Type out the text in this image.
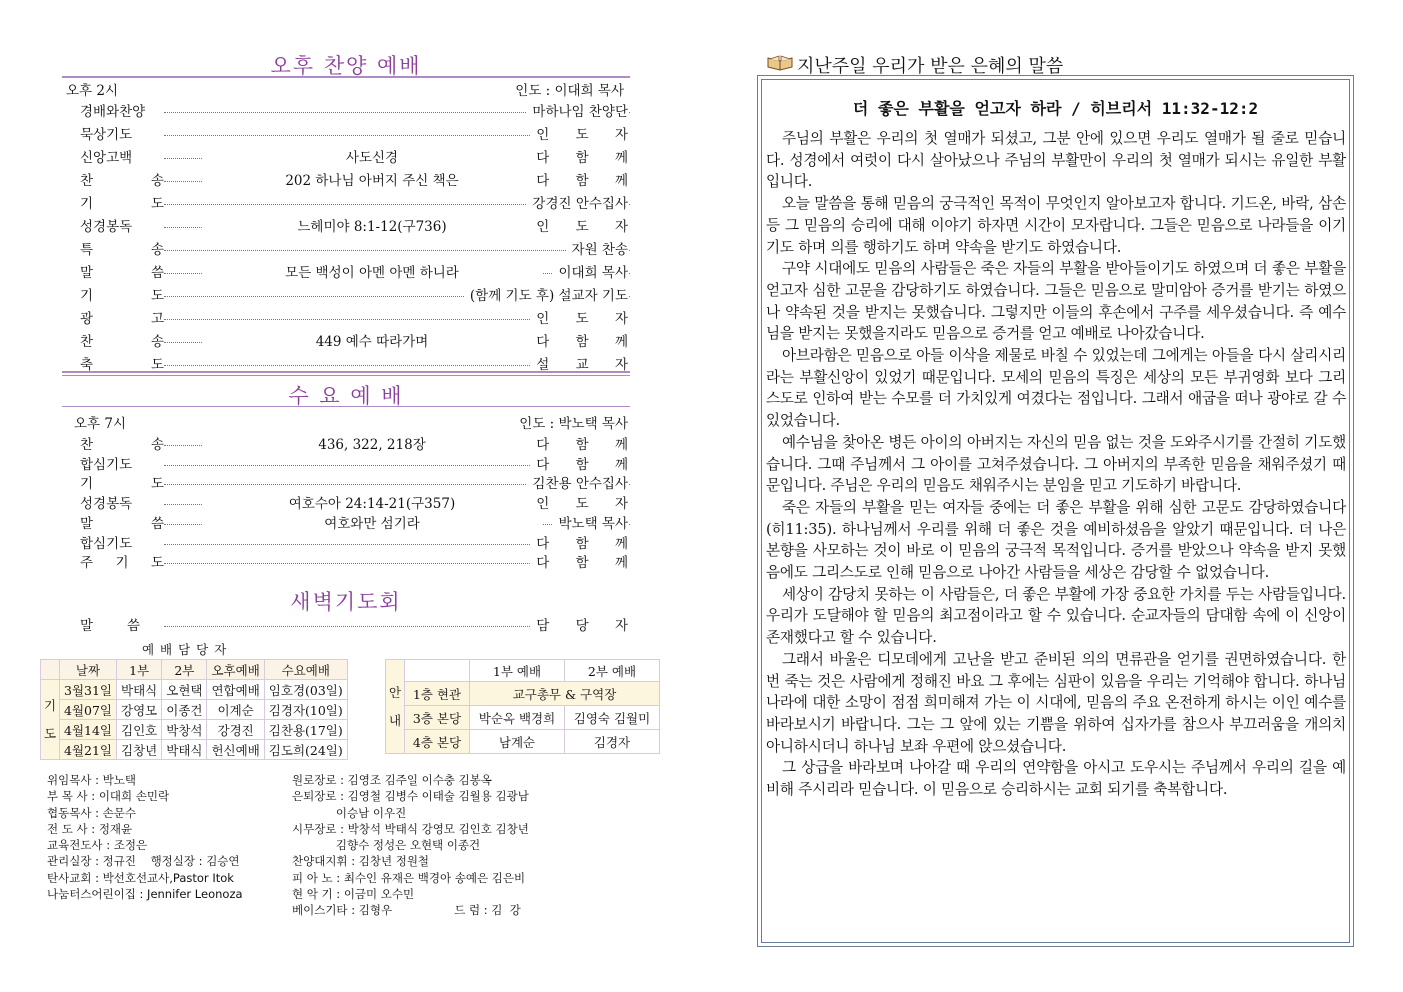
오후 찬양 예배
오후 2시	인도 : 이대희 목사
경배와찬양	마하나임 찬양단
묵상기도	인 도 자
신앙고백	사도신경	다 함 께
찬 송	202 하나님 아버지 주신 책은	다 함 께
기 도	강경진 안수집사
성경봉독	느헤미야 8:1-12(구736)	인 도 자
특 송	자원 찬송
말 씀	모든 백성이 아멘 아멘 하니라	이대희 목사
기 도	(함께 기도 후) 설교자 기도
광 고	인 도 자
찬 송	449 예수 따라가며	다 함 께
축 도	설 교 자
수 요 예 배
오후 7시	인도 : 박노택 목사
찬 송	436, 322, 218장	다 함 께
합심기도	다 함 께
기 도	김찬용 안수집사
성경봉독	여호수아 24:14-21(구357)	인 도 자
말 씀	여호와만 섬기라	박노택 목사
합심기도	다 함 께
주 기 도	다 함 께
새벽기도회
말 씀	담 당 자
예 배 담 당 자
	날짜	1부	2부	오후예배	수요예배
기도	3월31일	박태식	오현택	연합예배	임호경(03일)
	4월07일	강영모	이종건	이계순	김경자(10일)
	4월14일	김인호	박창석	강경진	김찬용(17일)
	4월21일	김창년	박태식	헌신예배	김도희(24일)
안내		1부 예배	2부 예배
	1층 현관	교구총무 & 구역장	
	3층 본당	박순옥 백경희	김영숙 김월미
	4층 본당	남계순	김경자
위임목사 : 박노택
부 목 사 : 이대희 손민락
협동목사 : 손문수
전 도 사 : 정재윤
교육전도사 : 조정은
관리실장 : 정규진    행정실장 : 김승연
탄사교회 : 박선호선교사,Pastor Itok
나눔터스어린이집 : Jennifer Leonoza
원로장로 : 김영조 김주일 이수충 김봉옥
은퇴장로 : 김영철 김병수 이태술 김월용 김광남
이승남 이우진
시무장로 : 박창석 박태식 강영모 김인호 김창년
김향수 정성은 오현택 이종건
찬양대지휘 : 김창년 정원철
피 아 노 : 최수인 유재은 백경아 송예은 김은비
현 악 기 : 이금미 오수민
베이스기타 : 김형우                 드 럼 : 김  강
지난주일 우리가 받은 은혜의 말씀
더 좋은 부활을 얻고자 하라 / 히브리서 11:32-12:2

주님의 부활은 우리의 첫 열매가 되셨고, 그분 안에 있으면 우리도 열매가 될 줄로 믿습니다. 성경에서 여럿이 다시 살아났으나 주님의 부활만이 우리의 첫 열매가 되시는 유일한 부활입니다.

오늘 말씀을 통해 믿음의 궁극적인 목적이 무엇인지 알아보고자 합니다. 기드온, 바락, 삼손 등 그 믿음의 승리에 대해 이야기 하자면 시간이 모자랍니다. 그들은 믿음으로 나라들을 이기기도 하며 의를 행하기도 하며 약속을 받기도 하였습니다.

구약 시대에도 믿음의 사람들은 죽은 자들의 부활을 받아들이기도 하였으며 더 좋은 부활을 얻고자 심한 고문을 감당하기도 하였습니다. 그들은 믿음으로 말미암아 증거를 받기는 하였으나 약속된 것을 받지는 못했습니다. 그렇지만 이들의 후손에서 구주를 세우셨습니다. 즉 예수님을 받지는 못했을지라도 믿음으로 증거를 얻고 예배로 나아갔습니다.

아브라함은 믿음으로 아들 이삭을 제물로 바칠 수 있었는데 그에게는 아들을 다시 살리시리라는 부활신앙이 있었기 때문입니다. 모세의 믿음의 특징은 세상의 모든 부귀영화 보다 그리스도로 인하여 받는 수모를 더 가치있게 여겼다는 점입니다. 그래서 애굽을 떠나 광야로 갈 수 있었습니다.

예수님을 찾아온 병든 아이의 아버지는 자신의 믿음 없는 것을 도와주시기를 간절히 기도했습니다. 그때 주님께서 그 아이를 고쳐주셨습니다. 그 아버지의 부족한 믿음을 채워주셨기 때문입니다. 주님은 우리의 믿음도 채워주시는 분임을 믿고 기도하기 바랍니다.

죽은 자들의 부활을 믿는 여자들 중에는 더 좋은 부활을 위해 심한 고문도 감당하였습니다(히11:35). 하나님께서 우리를 위해 더 좋은 것을 예비하셨음을 알았기 때문입니다. 더 나은 본향을 사모하는 것이 바로 이 믿음의 궁극적 목적입니다. 증거를 받았으나 약속을 받지 못했음에도 그리스도로 인해 믿음으로 나아간 사람들을 세상은 감당할 수 없었습니다.

세상이 감당치 못하는 이 사람들은, 더 좋은 부활에 가장 중요한 가치를 두는 사람들입니다. 우리가 도달해야 할 믿음의 최고점이라고 할 수 있습니다. 순교자들의 담대함 속에 이 신앙이 존재했다고 할 수 있습니다.

그래서 바울은 디모데에게 고난을 받고 준비된 의의 면류관을 얻기를 권면하였습니다. 한 번 죽는 것은 사람에게 정해진 바요 그 후에는 심판이 있음을 우리는 기억해야 합니다. 하나님 나라에 대한 소망이 점점 희미해져 가는 이 시대에, 믿음의 주요 온전하게 하시는 이인 예수를 바라보시기 바랍니다. 그는 그 앞에 있는 기쁨을 위하여 십자가를 참으사 부끄러움을 개의치 아니하시더니 하나님 보좌 우편에 앉으셨습니다.

그 상급을 바라보며 나아갈 때 우리의 연약함을 아시고 도우시는 주님께서 우리의 길을 예비해 주시리라 믿습니다. 이 믿음으로 승리하시는 교회 되기를 축복합니다.
